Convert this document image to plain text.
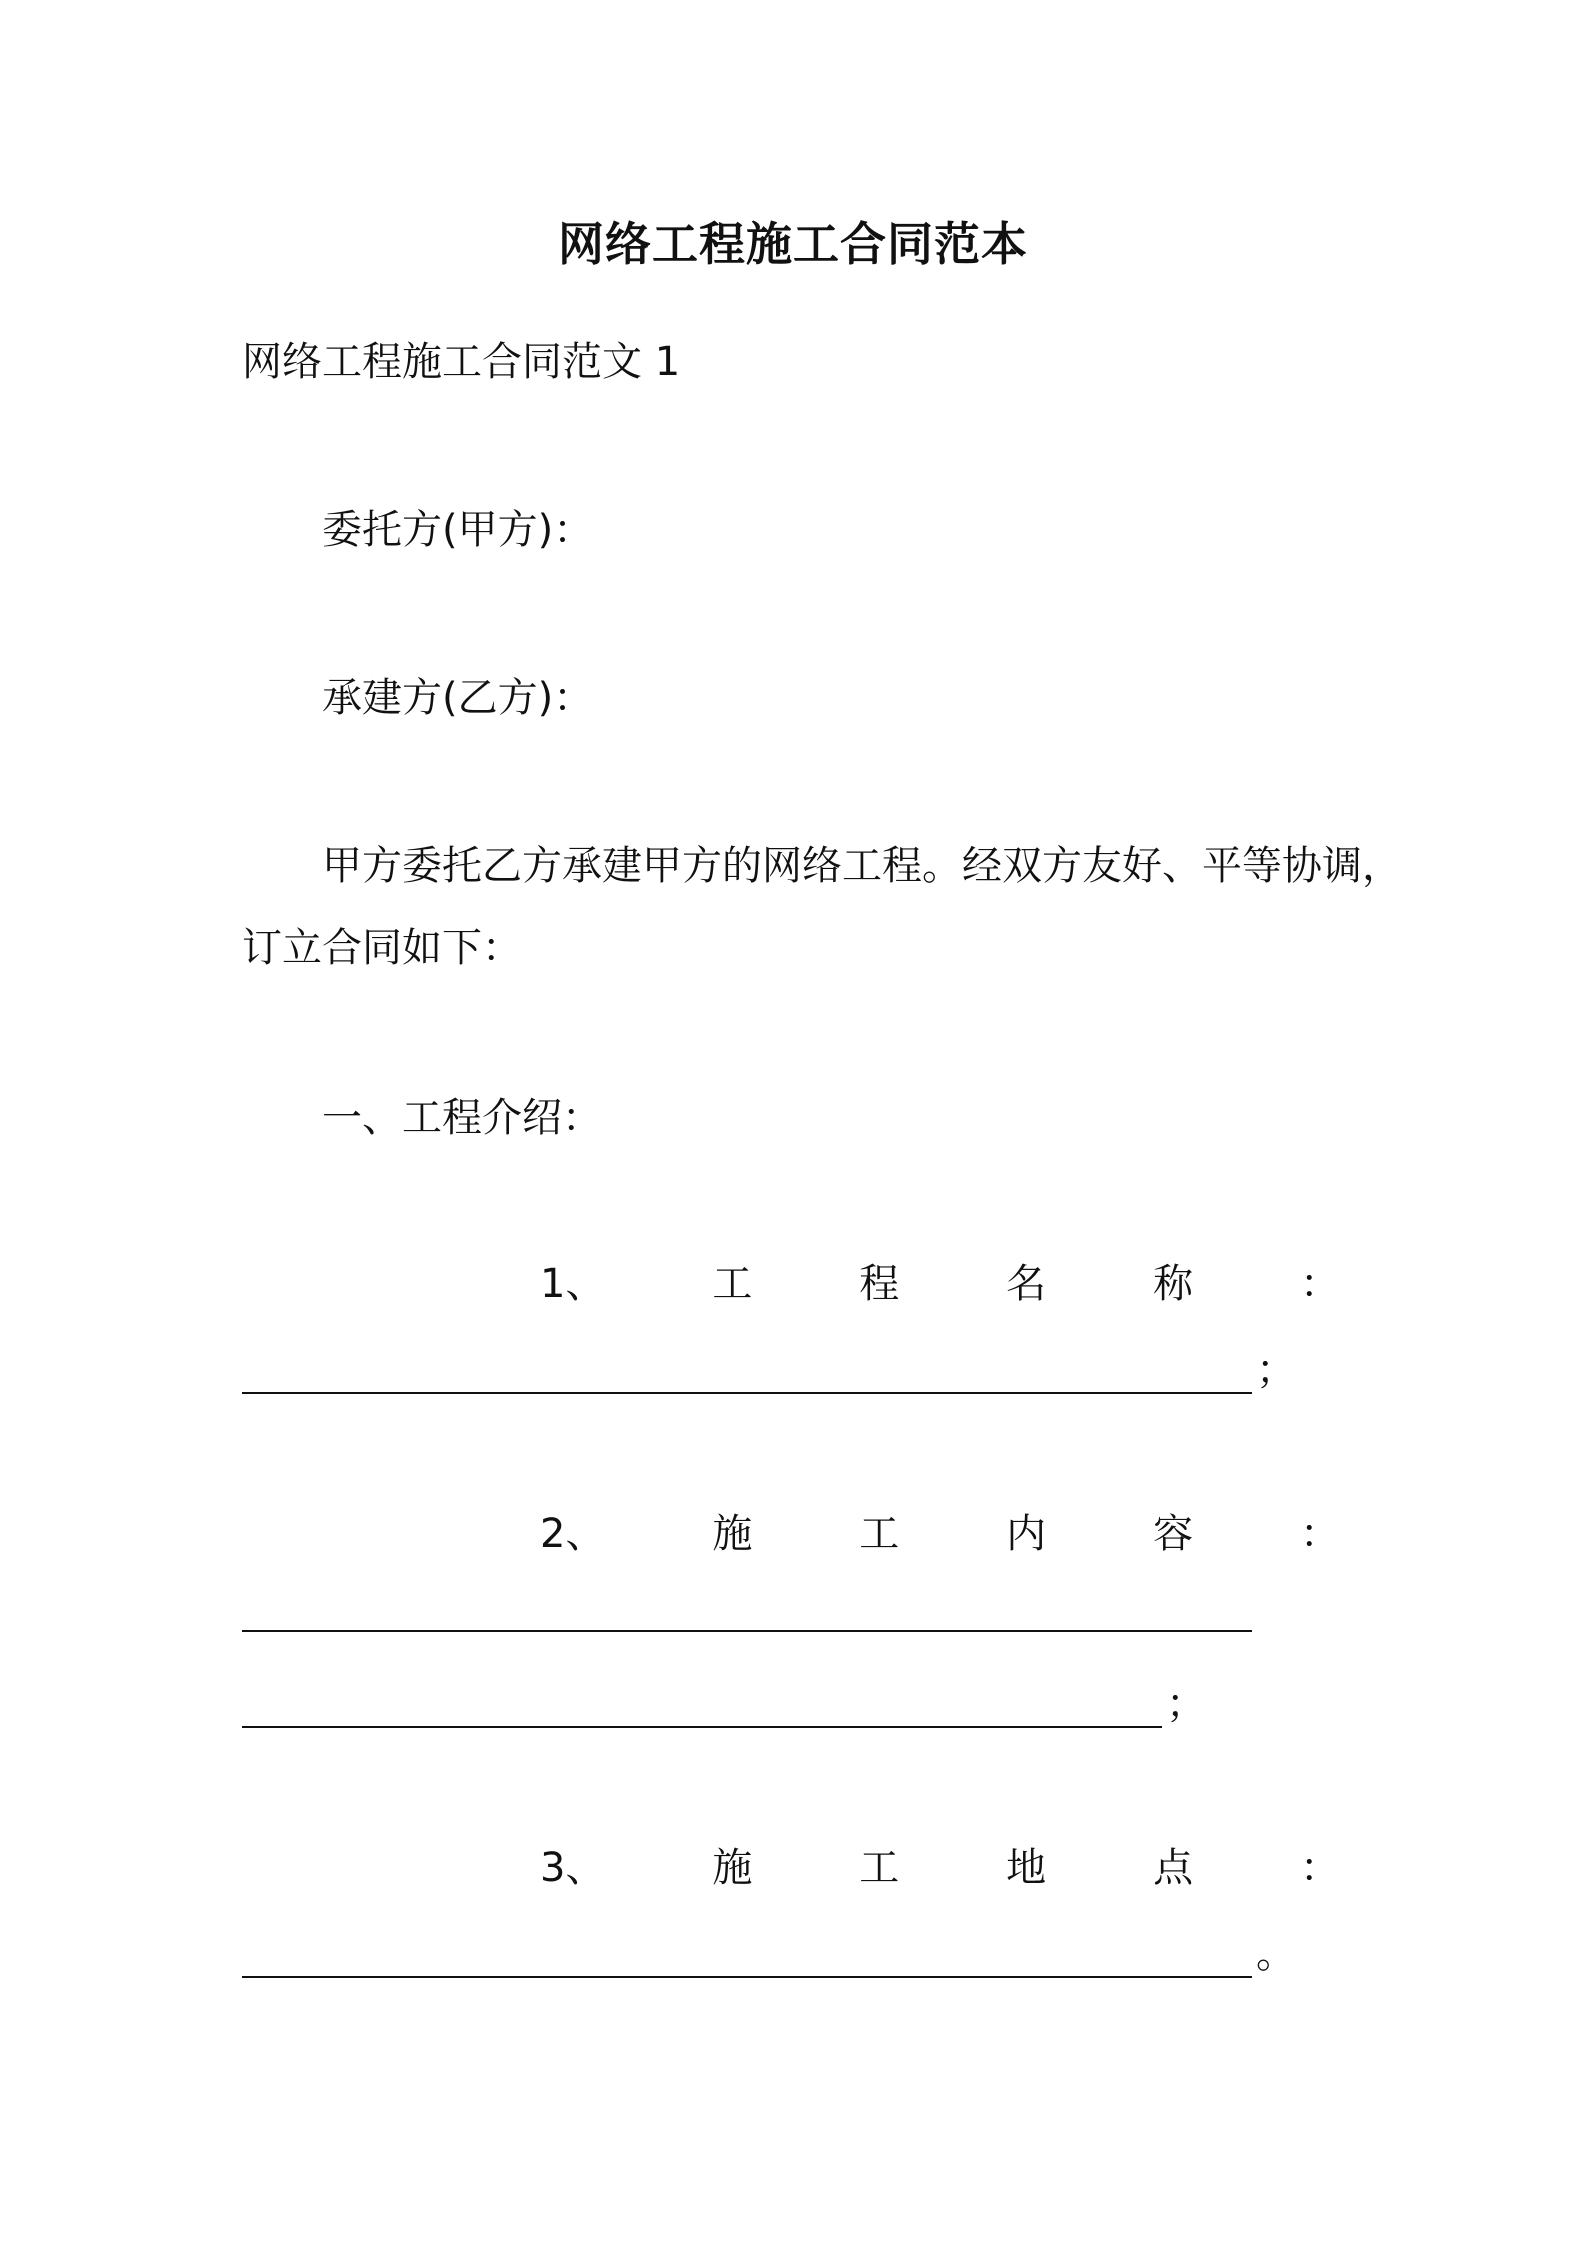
网络工程施工合同范本
网络工程施工合同范文 1
委托方(甲方)：
承建方(乙方)：
甲方委托乙方承建甲方的网络工程。经双方友好、平等协调，
订立合同如下：
一、工程介绍：
1、	工	程	名	称	：
；
2、	施	工	内	容	：
；
3、	施	工	地	点	：
。
